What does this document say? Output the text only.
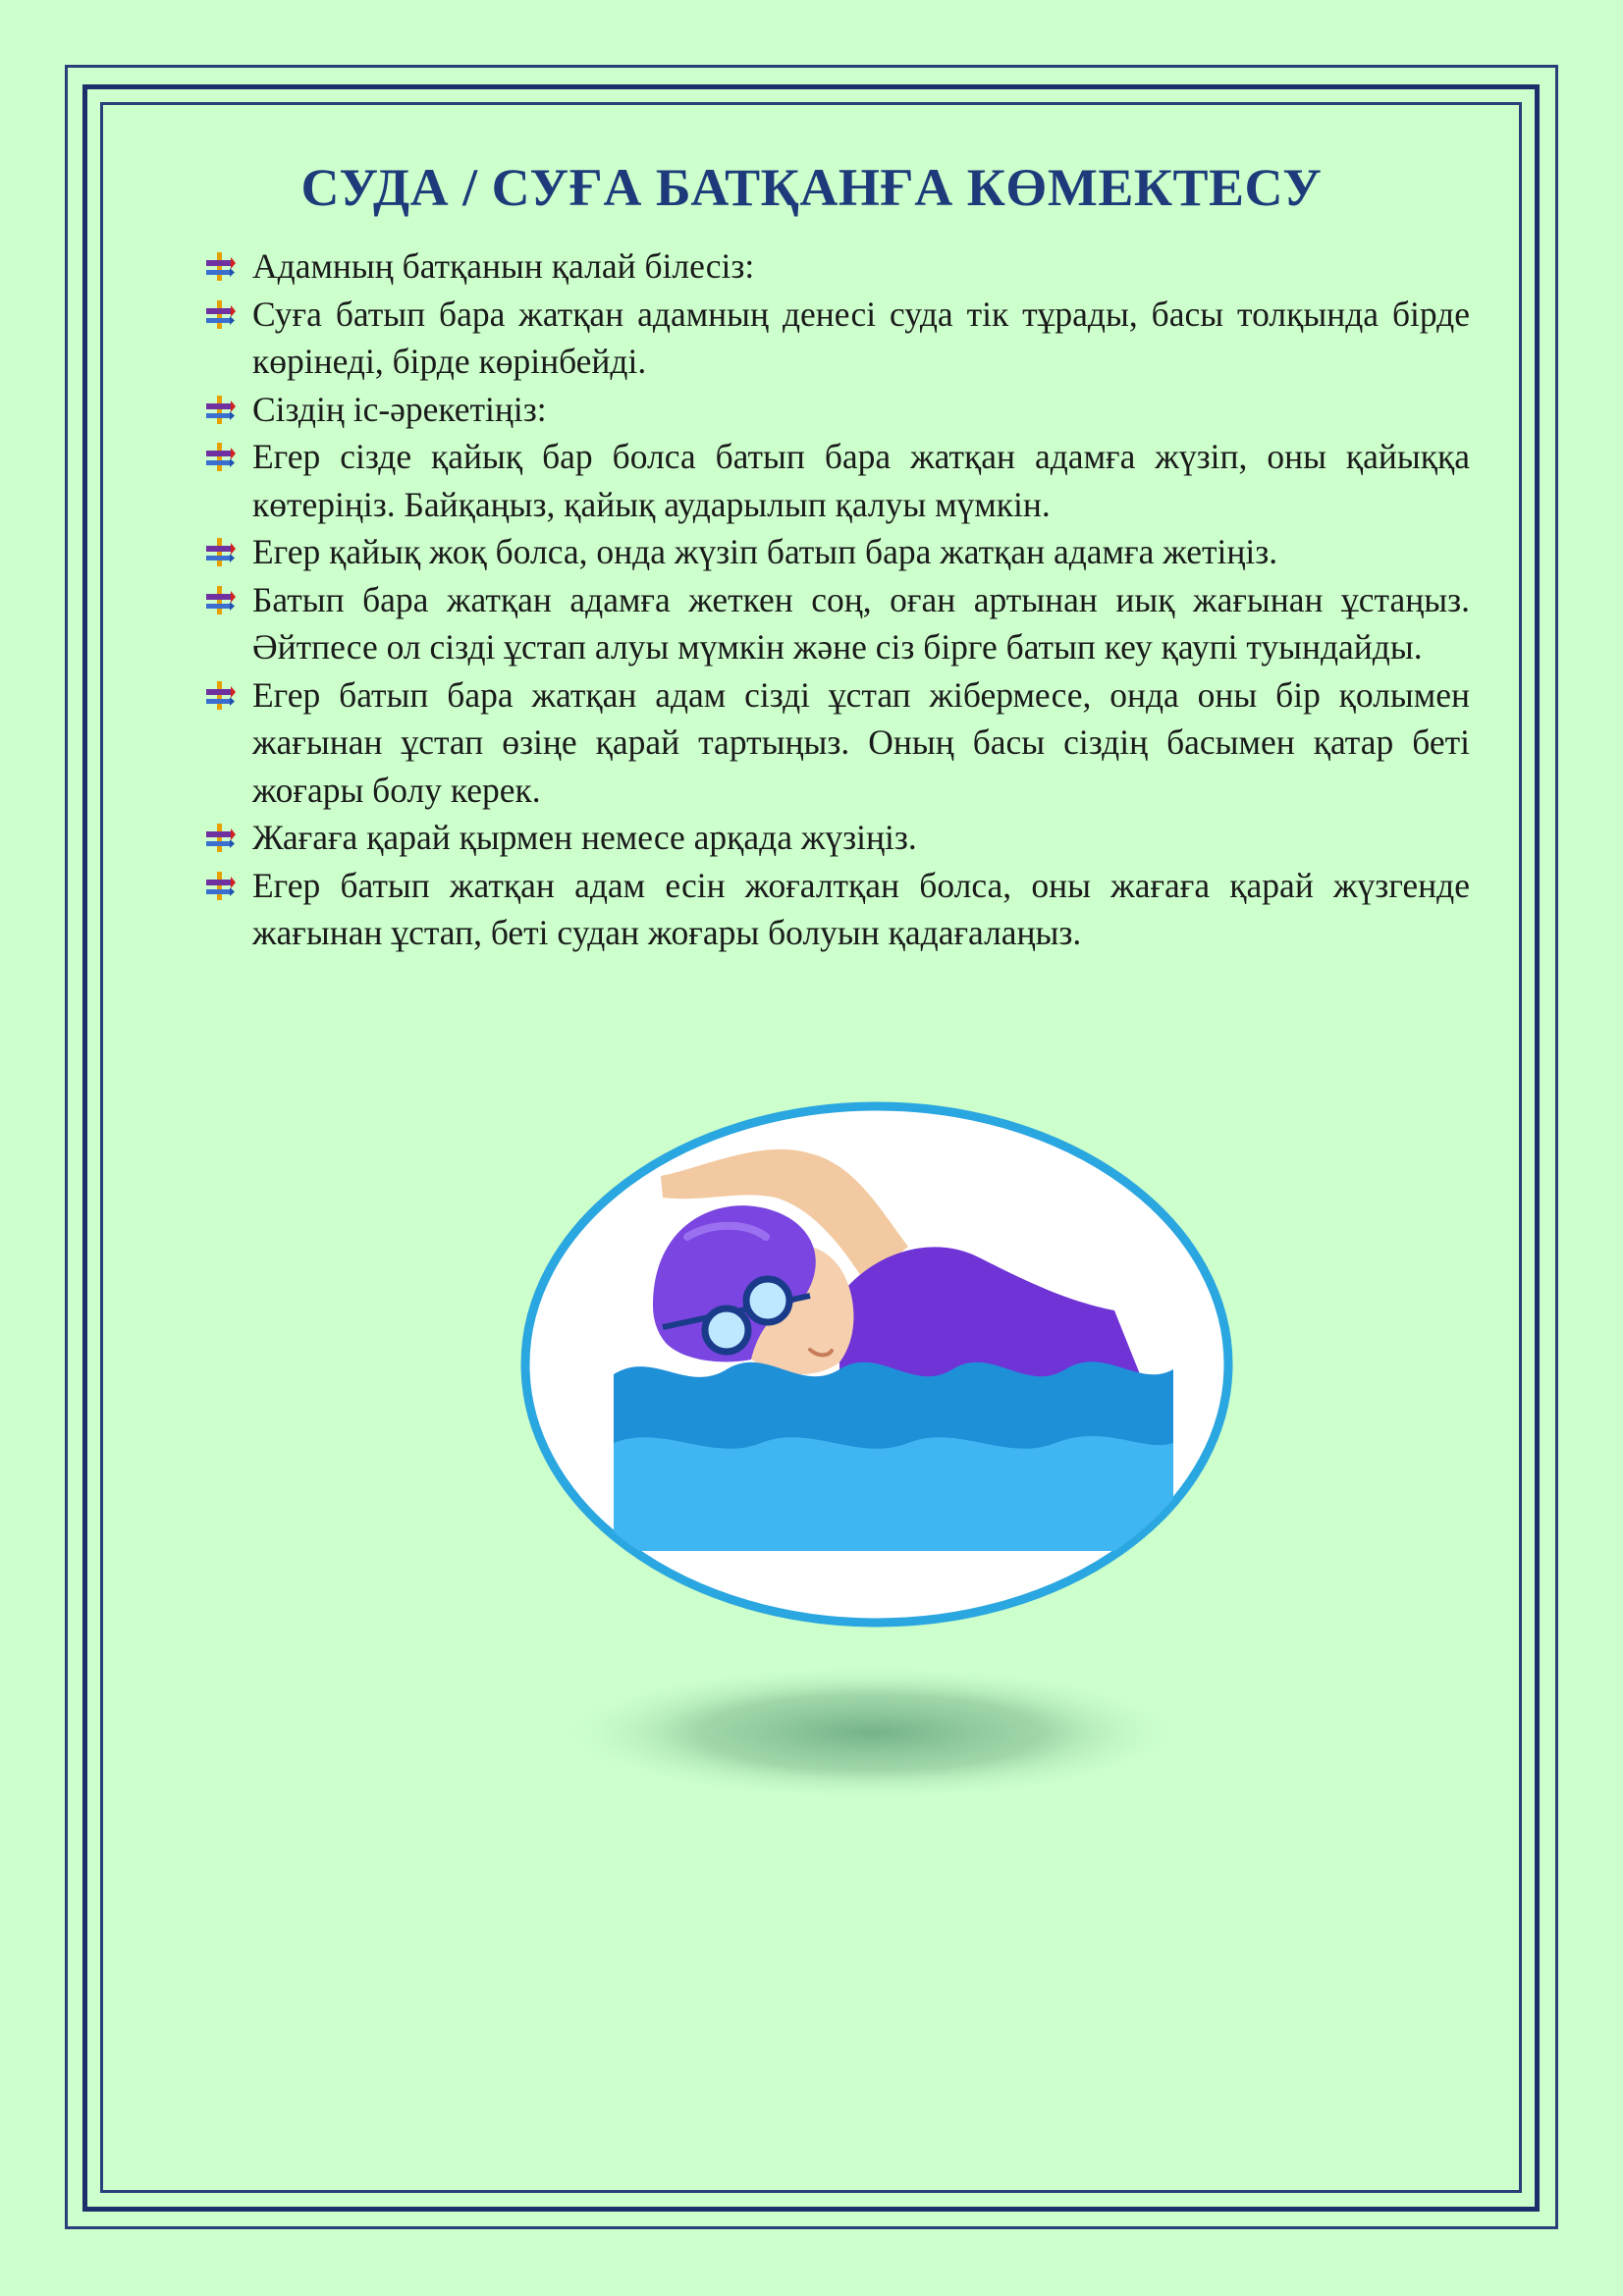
СУДА / СУҒА БАТҚАНҒА КӨМЕКТЕСУ
Адамның батқанын қалай білесіз:
Суға батып бара жатқан адамның денесі суда тік тұрады, басы толқында бірде көрінеді, бірде көрінбейді.
Сіздің іс-әрекетіңіз:
Егер сізде қайық бар болса батып бара жатқан адамға жүзіп, оны қайыққа көтеріңіз. Байқаңыз, қайық аударылып қалуы мүмкін.
Егер қайық жоқ болса, онда жүзіп батып бара жатқан адамға жетіңіз.
Батып бара жатқан адамға жеткен соң, оған артынан иық жағынан ұстаңыз. Әйтпесе ол сізді ұстап алуы мүмкін және сіз бірге батып кеу қаупі туындайды.
Егер батып бара жатқан адам сізді ұстап жібермесе, онда оны бір қолымен жағынан ұстап өзіңе қарай тартыңыз. Оның басы сіздің басымен қатар беті жоғары болу керек.
Жағаға қарай қырмен немесе арқада жүзіңіз.
Егер батып жатқан адам есін жоғалтқан болса, оны жағаға қарай жүзгенде жағынан ұстап, беті судан жоғары болуын қадағалаңыз.
